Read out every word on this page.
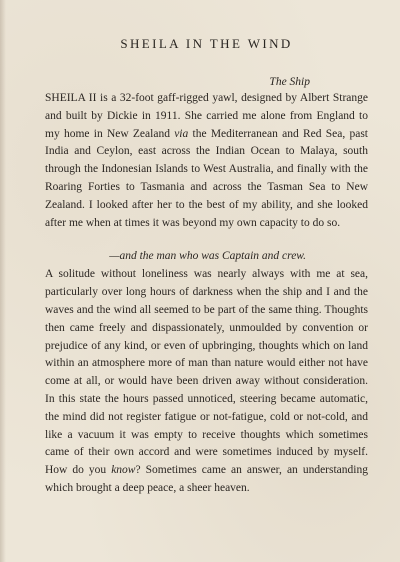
SHEILA IN THE WIND
The Ship

SHEILA II is a 32-foot gaff-rigged yawl, designed by Albert Strange and built by Dickie in 1911. She carried me alone from England to my home in New Zealand via the Mediterranean and Red Sea, past India and Ceylon, east across the Indian Ocean to Malaya, south through the Indonesian Islands to West Australia, and finally with the Roaring Forties to Tasmania and across the Tasman Sea to New Zealand. I looked after her to the best of my ability, and she looked after me when at times it was beyond my own capacity to do so.

—and the man who was Captain and crew.

A solitude without loneliness was nearly always with me at sea, particularly over long hours of darkness when the ship and I and the waves and the wind all seemed to be part of the same thing. Thoughts then came freely and dispassionately, unmoulded by convention or prejudice of any kind, or even of upbringing, thoughts which on land within an atmosphere more of man than nature would either not have come at all, or would have been driven away without consideration. In this state the hours passed unnoticed, steering became automatic, the mind did not register fatigue or not-fatigue, cold or not-cold, and like a vacuum it was empty to receive thoughts which sometimes came of their own accord and were sometimes induced by myself. How do you know? Sometimes came an answer, an understanding which brought a deep peace, a sheer heaven.
